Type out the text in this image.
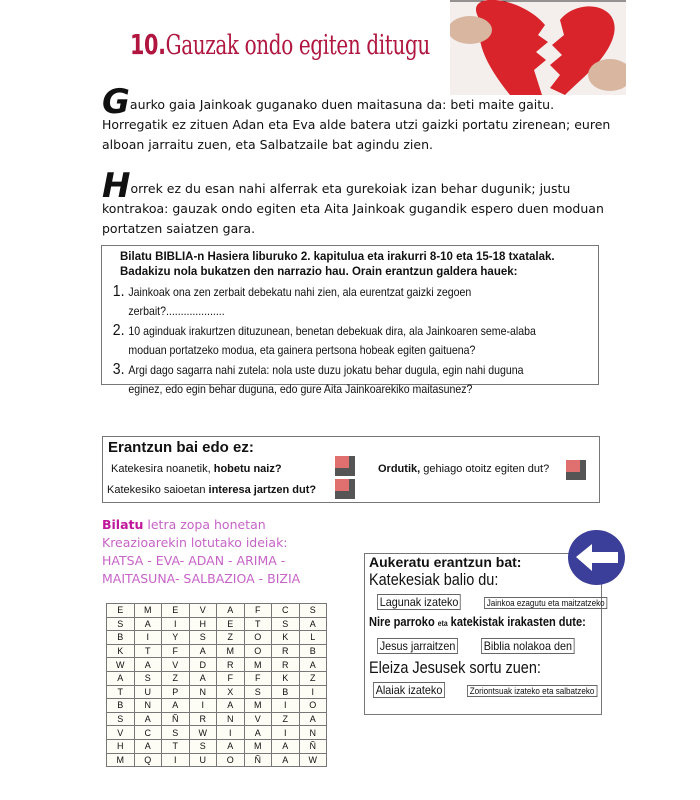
10.Gauzak ondo egiten ditugu
Gaurko gaia Jainkoak guganako duen maitasuna da: beti maite gaitu. Horregatik ez zituen Adan eta Eva alde batera utzi gaizki portatu zirenean; euren alboan jarraitu zuen, eta Salbatzaile bat agindu zien.
Horrek ez du esan nahi alferrak eta gurekoiak izan behar dugunik; justu kontrakoa: gauzak ondo egiten eta Aita Jainkoak gugandik espero duen moduan portatzen saiatzen gara.
Bilatu BIBLIA-n Hasiera liburuko 2. kapitulua eta irakurri 8-10 eta 15-18 txatalak. Badakizu nola bukatzen den narrazio hau. Orain erantzun galdera hauek:
1. Jainkoak ona zen zerbait debekatu nahi zien, ala eurentzat gaizki zegoen zerbait?....................
2. 10 aginduak irakurtzen dituzunean, benetan debekuak dira, ala Jainkoaren seme-alaba moduan portatzeko modua, eta gainera pertsona hobeak egiten gaituena?
3. Argi dago sagarra nahi zutela: nola uste duzu jokatu behar dugula, egin nahi duguna eginez, edo egin behar duguna, edo gure Aita Jainkoarekiko maitasunez?
Erantzun bai edo ez:
Katekesira noanetik, hobetu naiz?	Ordutik, gehiago otoitz egiten dut?
Katekesiko saioetan interesa jartzen dut?
Bilatu letra zopa honetan Kreazioarekin lotutako ideiak:
HATSA - EVA- ADAN - ARIMA - MAITASUNA- SALBAZIOA - BIZIA
E	M	E	V	A	F	C	S
S	A	I	H	E	T	S	A
B	I	Y	S	Z	O	K	L
K	T	F	A	M	O	R	B
W	A	V	D	R	M	R	A
A	S	Z	A	F	F	K	Z
T	U	P	N	X	S	B	I
B	N	A	I	A	M	I	O
S	A	Ñ	R	N	V	Z	A
V	C	S	W	I	A	I	N
H	A	T	S	A	M	A	Ñ
M	Q	I	U	O	Ñ	A	W
Aukeratu erantzun bat:
Katekesiak balio du:
Lagunak izateko	Jainkoa ezagutu eta maitzatzeko
Nire parroko eta katekistak irakasten dute:
Jesus jarraitzen Biblia nolakoa den
Eleiza Jesusek sortu zuen:
Alaiak izateko	Zoriontsuak izateko eta salbatzeko
